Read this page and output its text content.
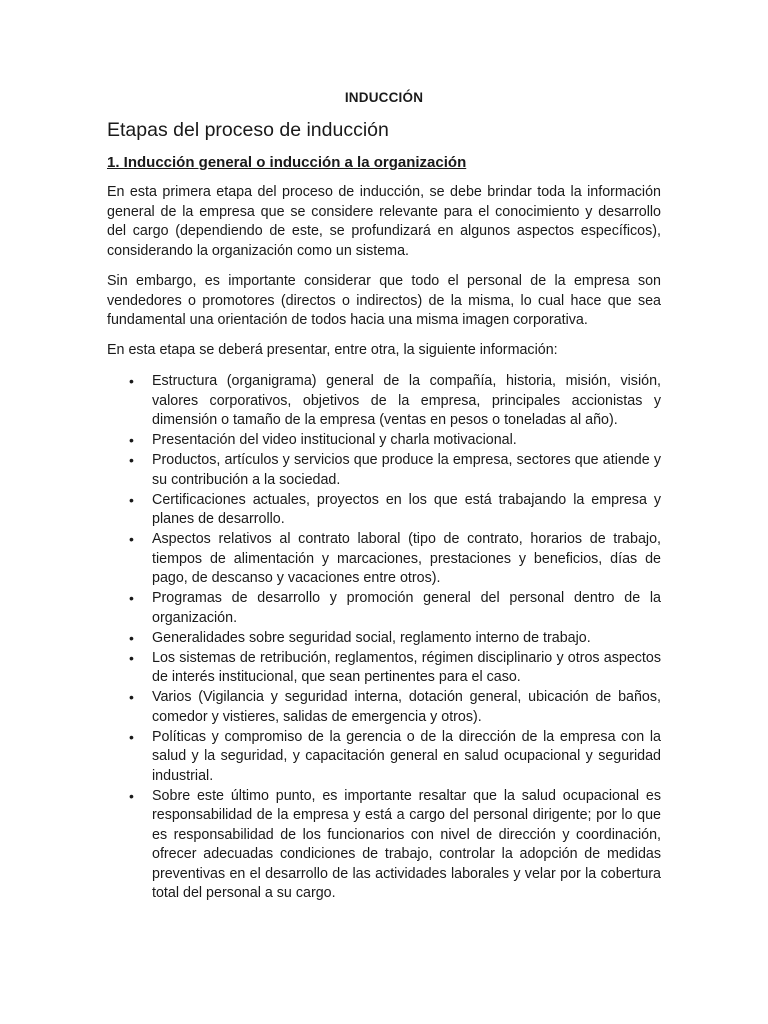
INDUCCIÓN
Etapas del proceso de inducción
1. Inducción general o inducción a la organización

En esta primera etapa del proceso de inducción, se debe brindar toda la información general de la empresa que se considere relevante para el conocimiento y desarrollo del cargo (dependiendo de este, se profundizará en algunos aspectos específicos), considerando la organización como un sistema.

Sin embargo, es importante considerar que todo el personal de la empresa son vendedores o promotores (directos o indirectos) de la misma, lo cual hace que sea fundamental una orientación de todos hacia una misma imagen corporativa.

En esta etapa se deberá presentar, entre otra, la siguiente información:

• Estructura (organigrama) general de la compañía, historia, misión, visión, valores corporativos, objetivos de la empresa, principales accionistas y dimensión o tamaño de la empresa (ventas en pesos o toneladas al año).
• Presentación del video institucional y charla motivacional.
• Productos, artículos y servicios que produce la empresa, sectores que atiende y su contribución a la sociedad.
• Certificaciones actuales, proyectos en los que está trabajando la empresa y planes de desarrollo.
• Aspectos relativos al contrato laboral (tipo de contrato, horarios de trabajo, tiempos de alimentación y marcaciones, prestaciones y beneficios, días de pago, de descanso y vacaciones entre otros).
• Programas de desarrollo y promoción general del personal dentro de la organización.
• Generalidades sobre seguridad social, reglamento interno de trabajo.
• Los sistemas de retribución, reglamentos, régimen disciplinario y otros aspectos de interés institucional, que sean pertinentes para el caso.
• Varios (Vigilancia y seguridad interna, dotación general, ubicación de baños, comedor y vistieres, salidas de emergencia y otros).
• Políticas y compromiso de la gerencia o de la dirección de la empresa con la salud y la seguridad, y capacitación general en salud ocupacional y seguridad industrial.
• Sobre este último punto, es importante resaltar que la salud ocupacional es responsabilidad de la empresa y está a cargo del personal dirigente; por lo que es responsabilidad de los funcionarios con nivel de dirección y coordinación, ofrecer adecuadas condiciones de trabajo, controlar la adopción de medidas preventivas en el desarrollo de las actividades laborales y velar por la cobertura total del personal a su cargo.
